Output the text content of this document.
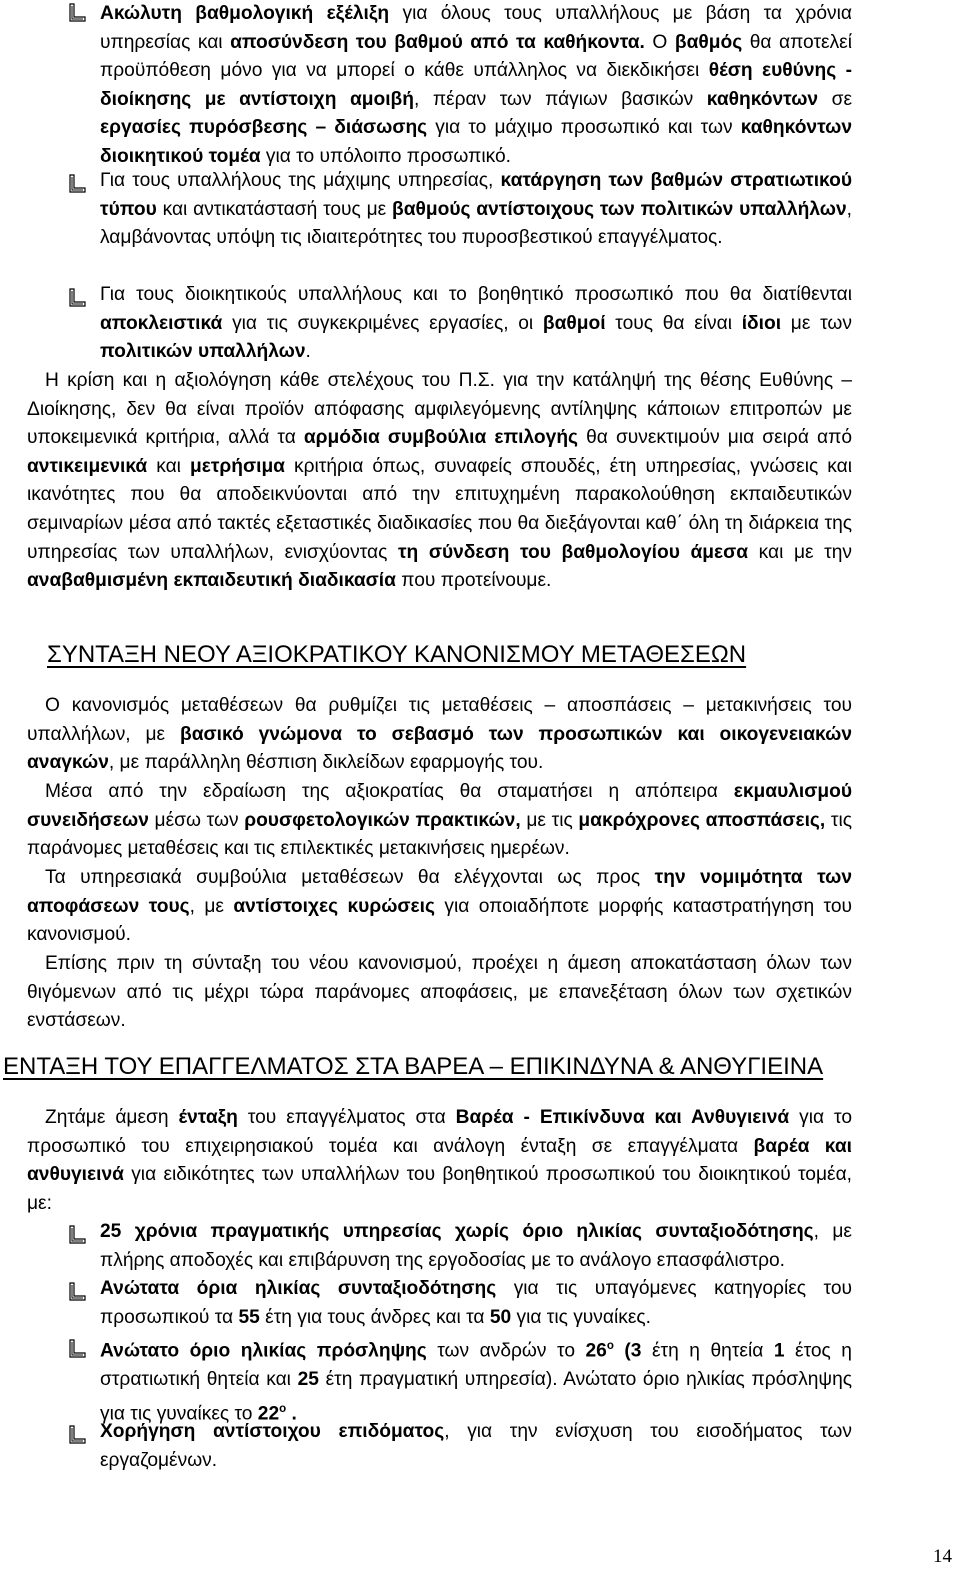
Ακώλυτη βαθμολογική εξέλιξη για όλους τους υπαλλήλους με βάση τα χρόνια υπηρεσίας και αποσύνδεση του βαθμού από τα καθήκοντα. Ο βαθμός θα αποτελεί προϋπόθεση μόνο για να μπορεί ο κάθε υπάλληλος να διεκδικήσει θέση ευθύνης - διοίκησης με αντίστοιχη αμοιβή, πέραν των πάγιων βασικών καθηκόντων σε εργασίες πυρόσβεσης – διάσωσης για το μάχιμο προσωπικό και των καθηκόντων διοικητικού τομέα για το υπόλοιπο προσωπικό.
Για τους υπαλλήλους της μάχιμης υπηρεσίας, κατάργηση των βαθμών στρατιωτικού τύπου και αντικατάστασή τους με βαθμούς αντίστοιχους των πολιτικών υπαλλήλων, λαμβάνοντας υπόψη τις ιδιαιτερότητες του πυροσβεστικού επαγγέλματος.
Για τους διοικητικούς υπαλλήλους και το βοηθητικό προσωπικό που θα διατίθενται αποκλειστικά για τις συγκεκριμένες εργασίες, οι βαθμοί τους θα είναι ίδιοι με των πολιτικών υπαλλήλων.
Η κρίση και η αξιολόγηση κάθε στελέχους του Π.Σ. για την κατάληψή της θέσης Ευθύνης – Διοίκησης, δεν θα είναι προϊόν απόφασης αμφιλεγόμενης αντίληψης κάποιων επιτροπών με υποκειμενικά κριτήρια, αλλά τα αρμόδια συμβούλια επιλογής θα συνεκτιμούν μια σειρά από αντικειμενικά και μετρήσιμα κριτήρια όπως, συναφείς σπουδές, έτη υπηρεσίας, γνώσεις και ικανότητες που θα αποδεικνύονται από την επιτυχημένη παρακολούθηση εκπαιδευτικών σεμιναρίων μέσα από τακτές εξεταστικές διαδικασίες που θα διεξάγονται καθ΄ όλη τη διάρκεια της υπηρεσίας των υπαλλήλων, ενισχύοντας τη σύνδεση του βαθμολογίου άμεσα και με την αναβαθμισμένη εκπαιδευτική διαδικασία που προτείνουμε.
ΣΥΝΤΑΞΗ ΝΕΟΥ ΑΞΙΟΚΡΑΤΙΚΟΥ ΚΑΝΟΝΙΣΜΟΥ ΜΕΤΑΘΕΣΕΩΝ
Ο κανονισμός μεταθέσεων θα ρυθμίζει τις μεταθέσεις – αποσπάσεις – μετακινήσεις του υπαλλήλων, με βασικό γνώμονα το σεβασμό των προσωπικών και οικογενειακών αναγκών, με παράλληλη θέσπιση δικλείδων εφαρμογής του.
Μέσα από την εδραίωση της αξιοκρατίας θα σταματήσει η απόπειρα εκμαυλισμού συνειδήσεων μέσω των ρουσφετολογικών πρακτικών, με τις μακρόχρονες αποσπάσεις, τις παράνομες μεταθέσεις και τις επιλεκτικές μετακινήσεις ημερέων.
Τα υπηρεσιακά συμβούλια μεταθέσεων θα ελέγχονται ως προς την νομιμότητα των αποφάσεων τους, με αντίστοιχες κυρώσεις για οποιαδήποτε μορφής καταστρατήγηση του κανονισμού.
Επίσης πριν τη σύνταξη του νέου κανονισμού, προέχει η άμεση αποκατάσταση όλων των θιγόμενων από τις μέχρι τώρα παράνομες αποφάσεις, με επανεξέταση όλων των σχετικών ενστάσεων.
ΕΝΤΑΞΗ ΤΟΥ ΕΠΑΓΓΕΛΜΑΤΟΣ ΣΤΑ ΒΑΡΕΑ – ΕΠΙΚΙΝΔΥΝΑ & ΑΝΘΥΓΙΕΙΝΑ
Ζητάμε άμεση ένταξη του επαγγέλματος στα Βαρέα - Επικίνδυνα και Ανθυγιεινά για το προσωπικό του επιχειρησιακού τομέα και ανάλογη ένταξη σε επαγγέλματα βαρέα και ανθυγιεινά για ειδικότητες των υπαλλήλων του βοηθητικού προσωπικού του διοικητικού τομέα, με:
25 χρόνια πραγματικής υπηρεσίας χωρίς όριο ηλικίας συνταξιοδότησης, με πλήρης αποδοχές και επιβάρυνση της εργοδοσίας με το ανάλογο επασφάλιστρο.
Ανώτατα όρια ηλικίας συνταξιοδότησης για τις υπαγόμενες κατηγορίες του προσωπικού τα 55 έτη για τους άνδρες και τα 50 για τις γυναίκες.
Ανώτατο όριο ηλικίας πρόσληψης των ανδρών το $26^o$ (3 έτη η θητεία 1 έτος η στρατιωτική θητεία και 25 έτη πραγματική υπηρεσία). Ανώτατο όριο ηλικίας πρόσληψης για τις γυναίκες το $22^o$ .
Χορήγηση αντίστοιχου επιδόματος, για την ενίσχυση του εισοδήματος των εργαζομένων.
14
